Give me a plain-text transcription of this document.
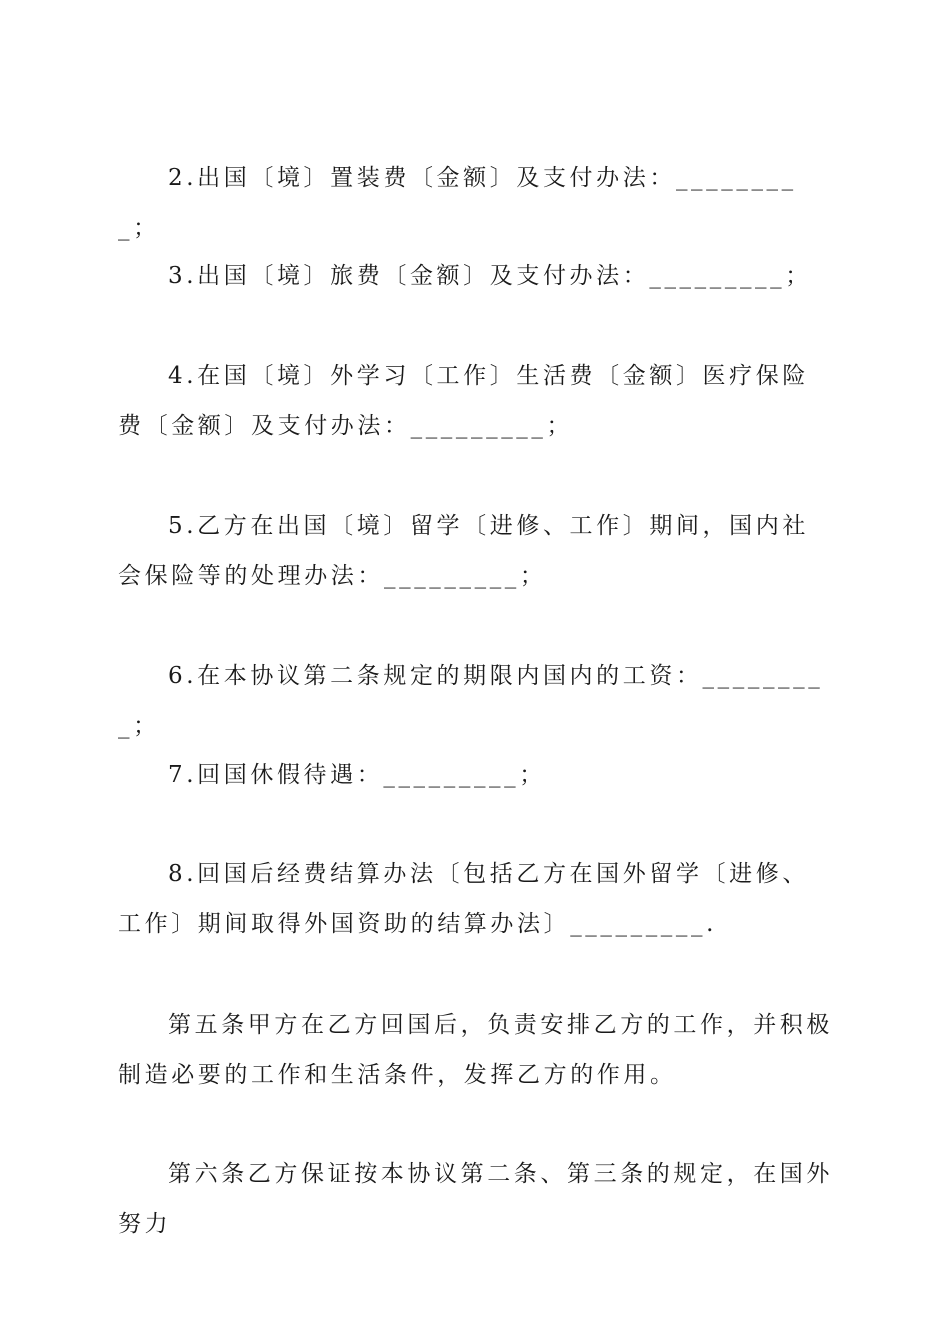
2.出国〔境〕置装费〔金额〕及支付办法：_________；

3.出国〔境〕旅费〔金额〕及支付办法：_________；

4.在国〔境〕外学习〔工作〕生活费〔金额〕医疗保险费〔金额〕及支付办法：_________；

5.乙方在出国〔境〕留学〔进修、工作〕期间，国内社会保险等的处理办法：_________；

6.在本协议第二条规定的期限内国内的工资：_________；

7.回国休假待遇：_________；

8.回国后经费结算办法〔包括乙方在国外留学〔进修、工作〕期间取得外国资助的结算办法〕_________.

第五条甲方在乙方回国后，负责安排乙方的工作，并积极制造必要的工作和生活条件，发挥乙方的作用。

第六条乙方保证按本协议第二条、第三条的规定，在国外努力
